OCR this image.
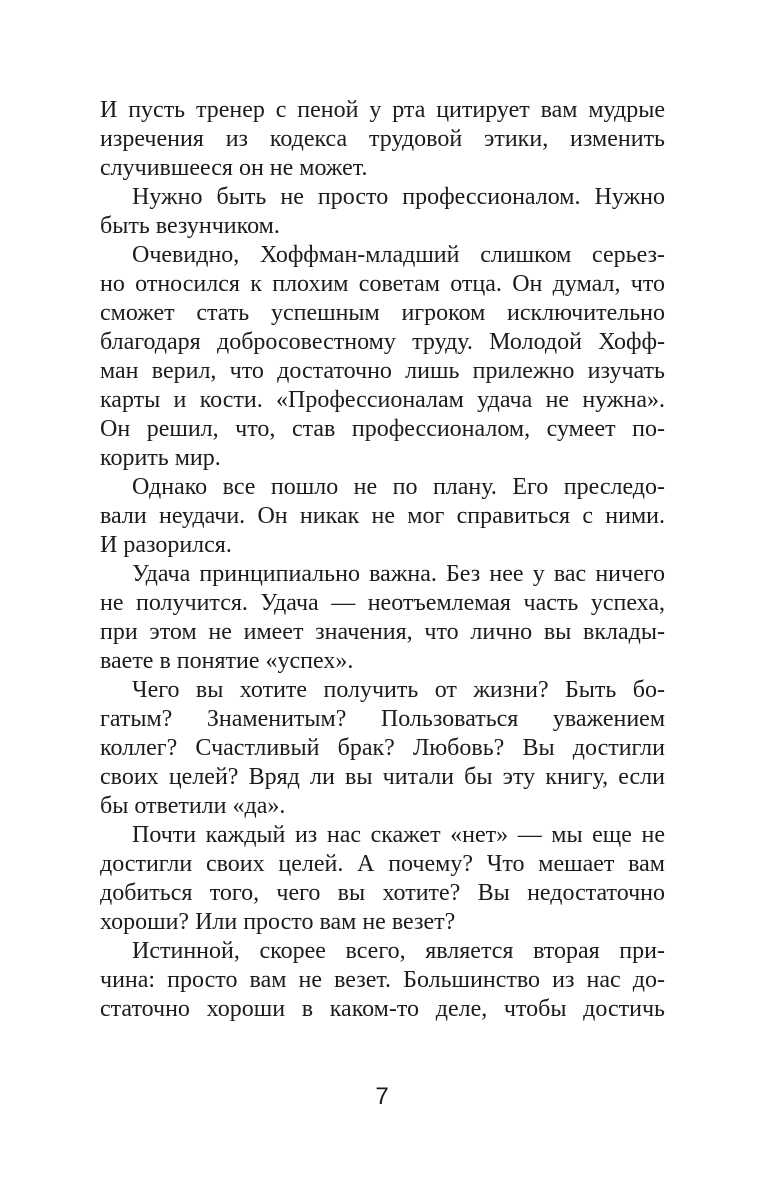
И пусть тренер с пеной у рта цитирует вам мудрые
изречения из кодекса трудовой этики, изменить
случившееся он не может.
Нужно быть не просто профессионалом. Нужно
быть везунчиком.
Очевидно, Хоффман-младший слишком серьез-
но относился к плохим советам отца. Он думал, что
сможет стать успешным игроком исключительно
благодаря добросовестному труду. Молодой Хофф-
ман верил, что достаточно лишь прилежно изучать
карты и кости. «Профессионалам удача не нужна».
Он решил, что, став профессионалом, сумеет по-
корить мир.
Однако все пошло не по плану. Его преследо-
вали неудачи. Он никак не мог справиться с ними.
И разорился.
Удача принципиально важна. Без нее у вас ничего
не получится. Удача — неотъемлемая часть успеха,
при этом не имеет значения, что лично вы вклады-
ваете в понятие «успех».
Чего вы хотите получить от жизни? Быть бо-
гатым? Знаменитым? Пользоваться уважением
коллег? Счастливый брак? Любовь? Вы достигли
своих целей? Вряд ли вы читали бы эту книгу, если
бы ответили «да».
Почти каждый из нас скажет «нет» — мы еще не
достигли своих целей. А почему? Что мешает вам
добиться того, чего вы хотите? Вы недостаточно
хороши? Или просто вам не везет?
Истинной, скорее всего, является вторая при-
чина: просто вам не везет. Большинство из нас до-
статочно хороши в каком-то деле, чтобы достичь
7
